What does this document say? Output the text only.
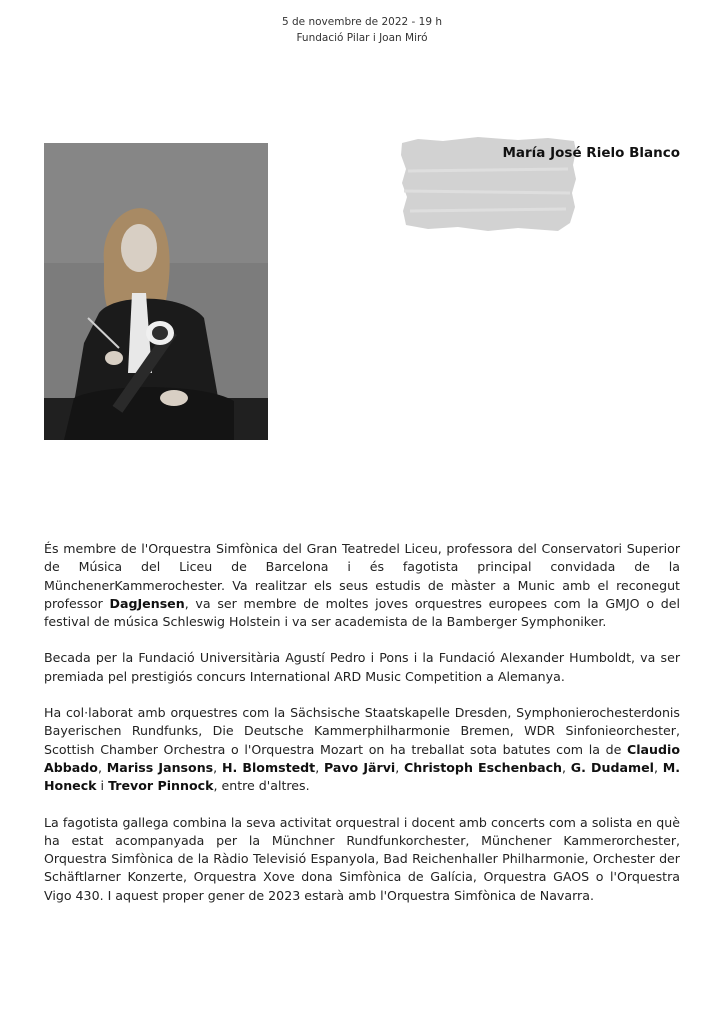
5 de novembre de 2022 - 19 h
Fundació Pilar i Joan Miró
María José Rielo Blanco

És membre de l'Orquestra Simfònica del Gran Teatredel Liceu, professora del Conservatori Superior de Música del Liceu de Barcelona i és fagotista principal convidada de la MünchenerKammerochester. Va realitzar els seus estudis de màster a Munic amb el reconegut professor DagJensen, va ser membre de moltes joves orquestres europees com la GMJO o del festival de música Schleswig Holstein i va ser academista de la Bamberger Symphoniker.

Becada per la Fundació Universitària Agustí Pedro i Pons i la Fundació Alexander Humboldt, va ser premiada pel prestigiós concurs International ARD Music Competition a Alemanya.

Ha col·laborat amb orquestres com la Sächsische Staatskapelle Dresden, Symphonierochesterdonis Bayerischen Rundfunks, Die Deutsche Kammerphilharmonie Bremen, WDR Sinfonieorchester, Scottish Chamber Orchestra o l'Orquestra Mozart on ha treballat sota batutes com la de Claudio Abbado, Mariss Jansons, H. Blomstedt, Pavo Järvi, Christoph Eschenbach, G. Dudamel, M. Honeck i Trevor Pinnock, entre d'altres.

La fagotista gallega combina la seva activitat orquestral i docent amb concerts com a solista en què ha estat acompanyada per la Münchner Rundfunkorchester, Münchener Kammerorchester, Orquestra Simfònica de la Ràdio Televisió Espanyola, Bad Reichenhaller Philharmonie, Orchester der Schäftlarner Konzerte, Orquestra Xove dona Simfònica de Galícia, Orquestra GAOS o l'Orquestra Vigo 430. I aquest proper gener de 2023 estarà amb l'Orquestra Simfònica de Navarra.
